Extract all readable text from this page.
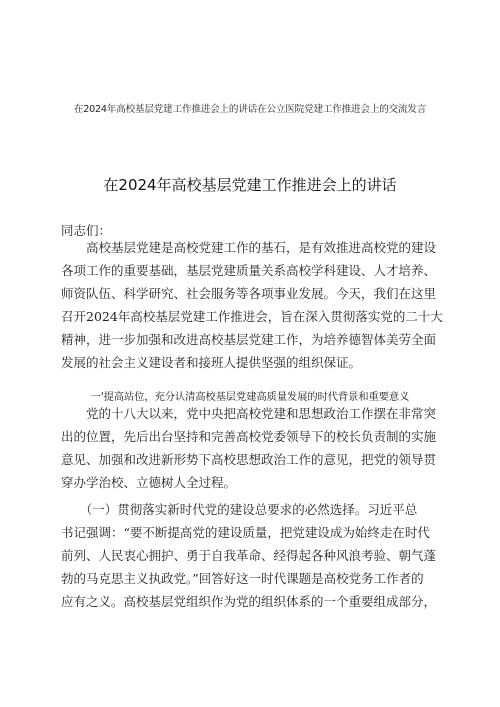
在2024年高校基层党建工作推进会上的讲话在公立医院党建工作推进会上的交流发言
在2024年高校基层党建工作推进会上的讲话
同志们：
　　高校基层党建是高校党建工作的基石，是有效推进高校党的建设
各项工作的重要基础，基层党建质量关系高校学科建设、人才培养、
师资队伍、科学研究、社会服务等各项事业发展。今天，我们在这里
召开2024年高校基层党建工作推进会，旨在深入贯彻落实党的二十大
精神，进一步加强和改进高校基层党建工作，为培养德智体美劳全面
发展的社会主义建设者和接班人提供坚强的组织保证。
一'提高站位，充分认清高校基层党建高质量发展的时代背景和重要意义
　　党的十八大以来，党中央把高校党建和思想政治工作摆在非常突
出的位置，先后出台坚持和完善高校党委领导下的校长负责制的实施
意见、加强和改进新形势下高校思想政治工作的意见，把党的领导贯
穿办学治校、立德树人全过程。
　　（一）贯彻落实新时代党的建设总要求的必然选择。习近平总
书记强调：“要不断提高党的建设质量，把党建设成为始终走在时代
前列、人民衷心拥护、勇于自我革命、经得起各种风浪考验、朝气蓬
勃的马克思主义执政党。”回答好这一时代课题是高校党务工作者的
应有之义。高校基层党组织作为党的组织体系的一个重要组成部分，
